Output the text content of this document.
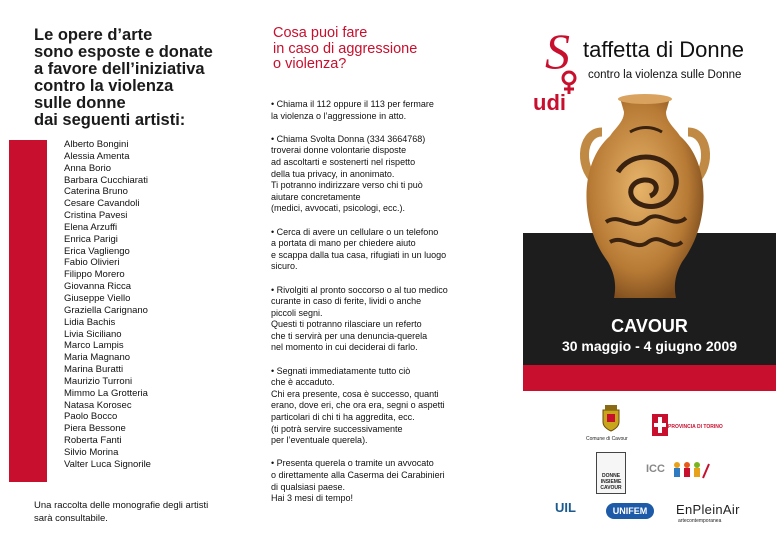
Le opere d’arte
sono esposte e donate
a favore dell’iniziativa
contro la violenza
sulle donne
dai seguenti artisti:
Alberto Bongini
Alessia Amenta
Anna Borio
Barbara Cucchiarati
Caterina Bruno
Cesare Cavandoli
Cristina Pavesi
Elena Arzuffi
Enrica Parigi
Erica Vagliengo
Fabio Olivieri
Filippo Morero
Giovanna Ricca
Giuseppe Viello
Graziella Carignano
Lidia Bachis
Livia Siciliano
Marco Lampis
Maria Magnano
Marina Buratti
Maurizio Turroni
Mimmo La Grotteria
Natasa Korosec
Paolo Bocco
Piera Bessone
Roberta Fanti
Silvio Morina
Valter Luca Signorile
Una raccolta delle monografie degli artisti
sarà consultabile.
Cosa puoi fare
in caso di aggressione
o violenza?
• Chiama il 112 oppure il 113 per fermare
la violenza o l’aggressione in atto.
• Chiama Svolta Donna (334 3664768)
troverai donne volontarie disposte
ad ascoltarti e sostenerti nel rispetto
della tua privacy, in anonimato.
Ti potranno indirizzare verso chi ti può
aiutare concretamente
(medici, avvocati, psicologi, ecc.).
• Cerca di avere un cellulare o un telefono
a portata di mano per chiedere aiuto
e scappa dalla tua casa, rifugiati in un luogo
sicuro.
• Rivolgiti al pronto soccorso o al tuo medico
curante in caso di ferite, lividi o anche
piccoli segni.
Questi ti potranno rilasciare un referto
che ti servirà per una denuncia-querela
nel momento in cui deciderai di farlo.
• Segnati immediatamente tutto ciò
che è accaduto.
Chi era presente, cosa è successo, quanti
erano, dove eri, che ora era, segni o aspetti
particolari di chi ti ha aggredita, ecc.
(ti potrà servire successivamente
per l’eventuale querela).
• Presenta querela o tramite un avvocato
o direttamente alla Caserma dei Carabinieri
di qualsiasi paese.
Hai 3 mesi di tempo!
S
udi
taffetta di Donne
contro la violenza sulle Donne
CAVOUR
30 maggio - 4 giugno 2009
Comune di Cavour
PROVINCIA DI TORINO
DONNE
INSIEME
CAVOUR
ICC
UIL	UNIFEM	EnPleinAir
artecontemporanea
